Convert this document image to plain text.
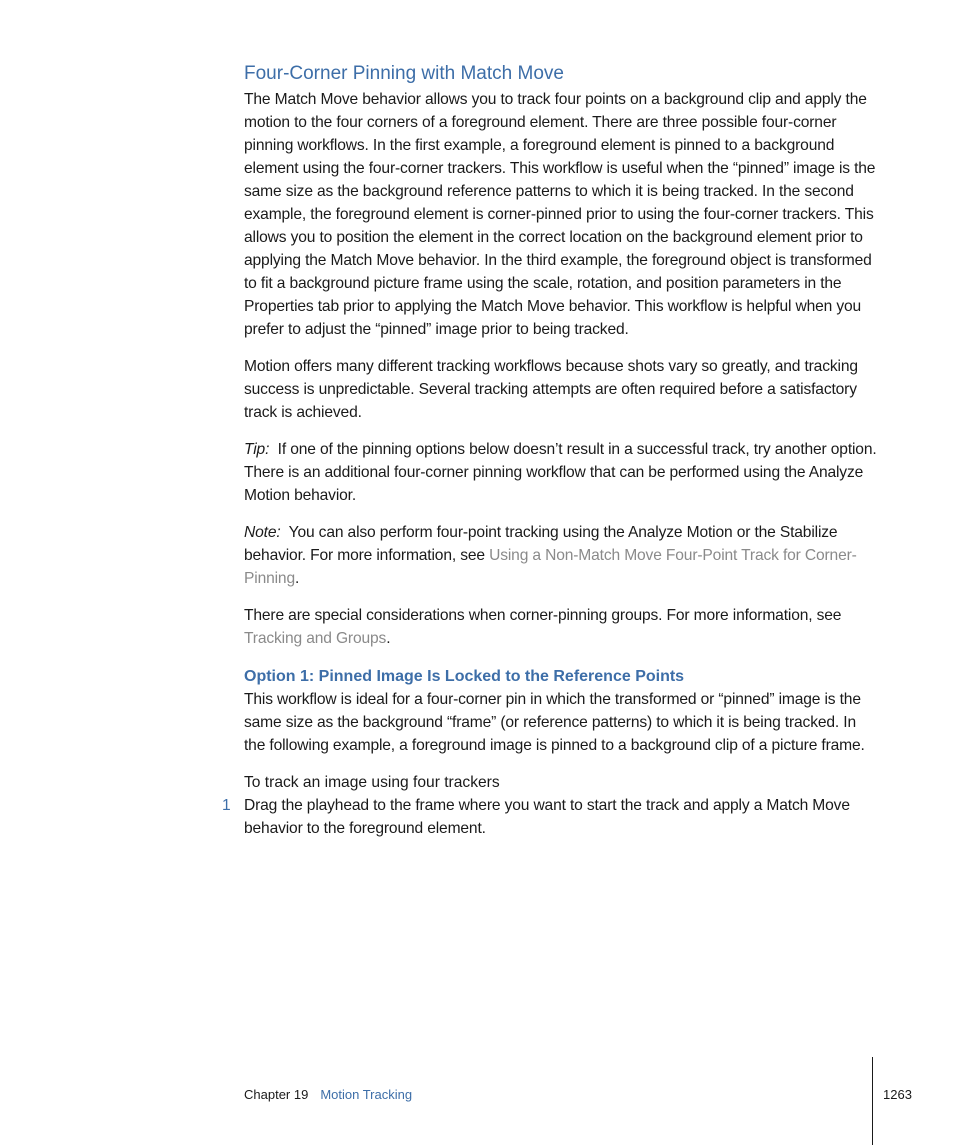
Four-Corner Pinning with Match Move

The Match Move behavior allows you to track four points on a background clip and apply the motion to the four corners of a foreground element. There are three possible four-corner pinning workflows. In the first example, a foreground element is pinned to a background element using the four-corner trackers. This workflow is useful when the “pinned” image is the same size as the background reference patterns to which it is being tracked. In the second example, the foreground element is corner-pinned prior to using the four-corner trackers. This allows you to position the element in the correct location on the background element prior to applying the Match Move behavior. In the third example, the foreground object is transformed to fit a background picture frame using the scale, rotation, and position parameters in the Properties tab prior to applying the Match Move behavior. This workflow is helpful when you prefer to adjust the “pinned” image prior to being tracked.

Motion offers many different tracking workflows because shots vary so greatly, and tracking success is unpredictable. Several tracking attempts are often required before a satisfactory track is achieved.

Tip: If one of the pinning options below doesn’t result in a successful track, try another option. There is an additional four-corner pinning workflow that can be performed using the Analyze Motion behavior.

Note: You can also perform four-point tracking using the Analyze Motion or the Stabilize behavior. For more information, see Using a Non-Match Move Four-Point Track for Corner-Pinning.

There are special considerations when corner-pinning groups. For more information, see Tracking and Groups.

Option 1: Pinned Image Is Locked to the Reference Points

This workflow is ideal for a four-corner pin in which the transformed or “pinned” image is the same size as the background “frame” (or reference patterns) to which it is being tracked. In the following example, a foreground image is pinned to a background clip of a picture frame.

To track an image using four trackers
1 Drag the playhead to the frame where you want to start the track and apply a Match Move behavior to the foreground element.
Chapter 19 Motion Tracking	1263
